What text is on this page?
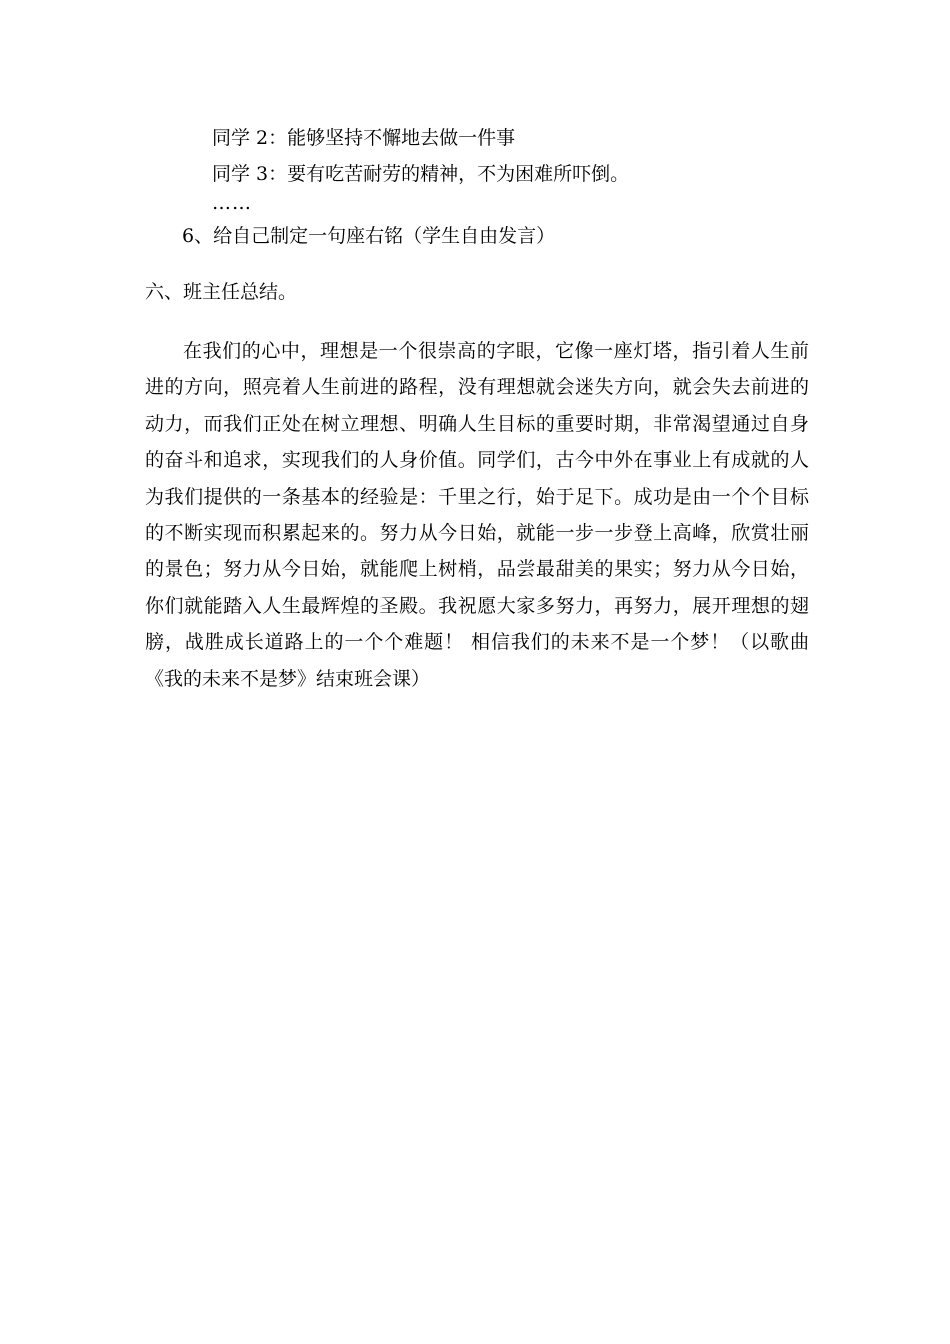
同学 2：能够坚持不懈地去做一件事
同学 3：要有吃苦耐劳的精神，不为困难所吓倒。
……
6、给自己制定一句座右铭（学生自由发言）
六、班主任总结。

在我们的心中，理想是一个很崇高的字眼，它像一座灯塔，指引着人生前进的方向，照亮着人生前进的路程，没有理想就会迷失方向，就会失去前进的动力，而我们正处在树立理想、明确人生目标的重要时期，非常渴望通过自身的奋斗和追求，实现我们的人身价值。同学们，古今中外在事业上有成就的人为我们提供的一条基本的经验是：千里之行，始于足下。成功是由一个个目标的不断实现而积累起来的。努力从今日始，就能一步一步登上高峰，欣赏壮丽的景色；努力从今日始，就能爬上树梢，品尝最甜美的果实；努力从今日始，你们就能踏入人生最辉煌的圣殿。我祝愿大家多努力，再努力，展开理想的翅膀，战胜成长道路上的一个个难题！ 相信我们的未来不是一个梦！（以歌曲《我的未来不是梦》结束班会课）
